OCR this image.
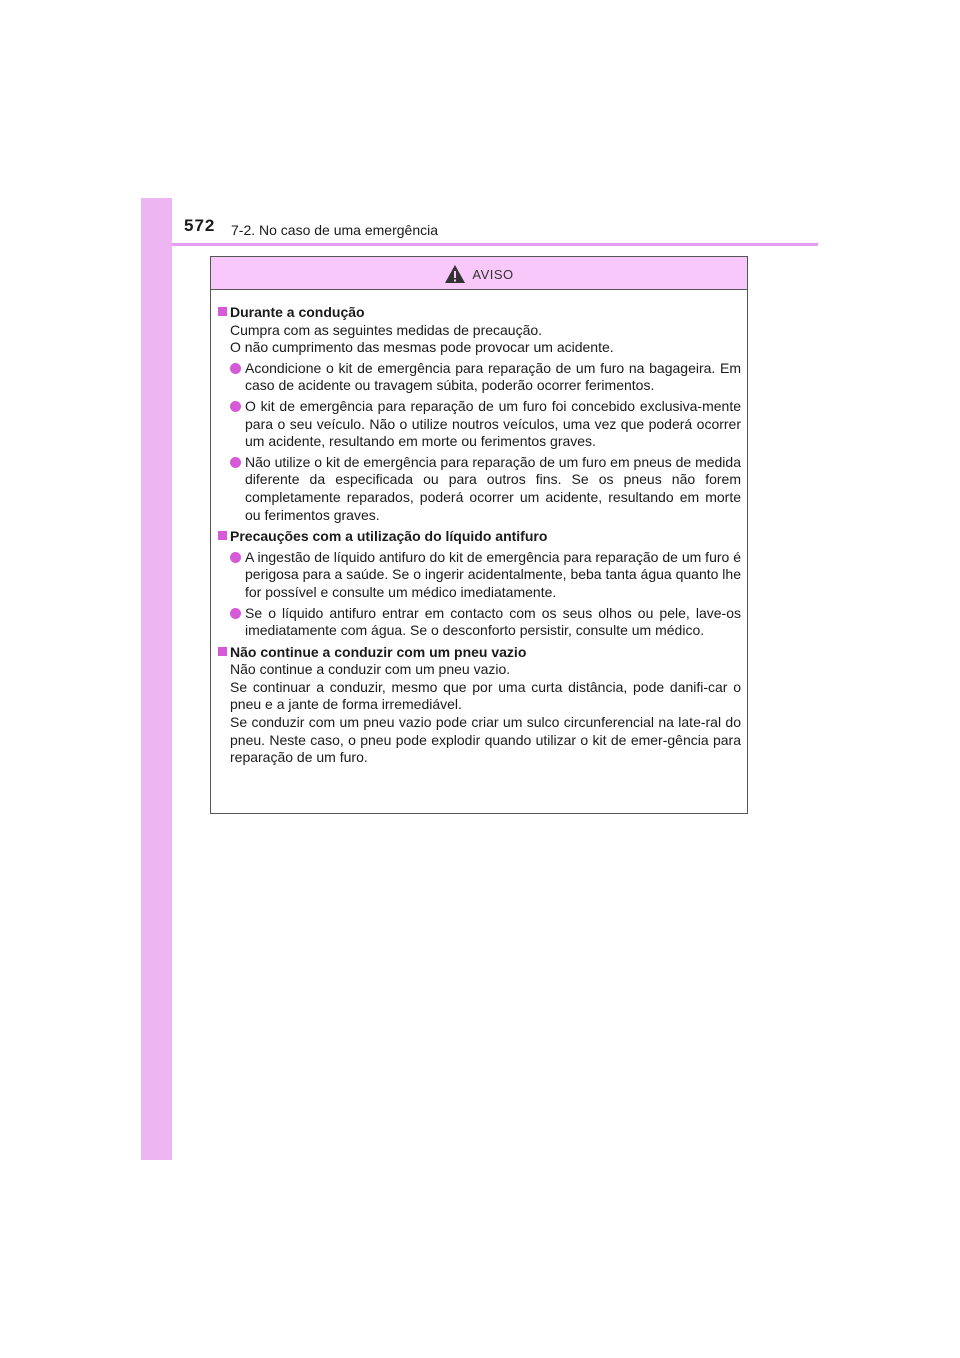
572 7-2. No caso de uma emergência
AVISO
Durante a condução
Cumpra com as seguintes medidas de precaução.
O não cumprimento das mesmas pode provocar um acidente.
Acondicione o kit de emergência para reparação de um furo na bagageira. Em caso de acidente ou travagem súbita, poderão ocorrer ferimentos.
O kit de emergência para reparação de um furo foi concebido exclusiva-mente para o seu veículo. Não o utilize noutros veículos, uma vez que poderá ocorrer um acidente, resultando em morte ou ferimentos graves.
Não utilize o kit de emergência para reparação de um furo em pneus de medida diferente da especificada ou para outros fins. Se os pneus não forem completamente reparados, poderá ocorrer um acidente, resultando em morte ou ferimentos graves.
Precauções com a utilização do líquido antifuro
A ingestão de líquido antifuro do kit de emergência para reparação de um furo é perigosa para a saúde. Se o ingerir acidentalmente, beba tanta água quanto lhe for possível e consulte um médico imediatamente.
Se o líquido antifuro entrar em contacto com os seus olhos ou pele, lave-os imediatamente com água. Se o desconforto persistir, consulte um médico.
Não continue a conduzir com um pneu vazio
Não continue a conduzir com um pneu vazio.
Se continuar a conduzir, mesmo que por uma curta distância, pode danifi-car o pneu e a jante de forma irremediável.
Se conduzir com um pneu vazio pode criar um sulco circunferencial na late-ral do pneu. Neste caso, o pneu pode explodir quando utilizar o kit de emer-gência para reparação de um furo.
